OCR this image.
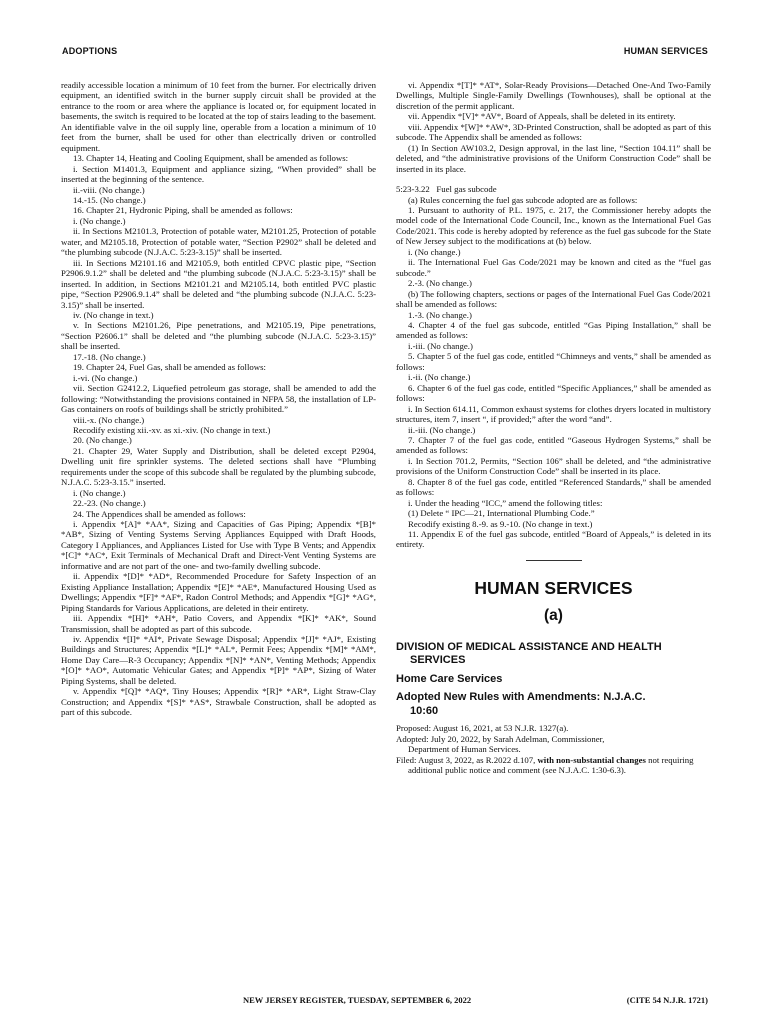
ADOPTIONS	HUMAN SERVICES
readily accessible location a minimum of 10 feet from the burner. For electrically driven equipment, an identified switch in the burner supply circuit shall be provided at the entrance to the room or area where the appliance is located or, for equipment located in basements, the switch is required to be located at the top of stairs leading to the basement. An identifiable valve in the oil supply line, operable from a location a minimum of 10 feet from the burner, shall be used for other than electrically driven or controlled equipment.
13. Chapter 14, Heating and Cooling Equipment, shall be amended as follows:
i. Section M1401.3, Equipment and appliance sizing, “When provided” shall be inserted at the beginning of the sentence.
ii.-viii. (No change.)
14.-15. (No change.)
16. Chapter 21, Hydronic Piping, shall be amended as follows:
i. (No change.)
ii. In Sections M2101.3, Protection of potable water, M2101.25, Protection of potable water, and M2105.18, Protection of potable water, “Section P2902” shall be deleted and “the plumbing subcode (N.J.A.C. 5:23-3.15)” shall be inserted.
iii. In Sections M2101.16 and M2105.9, both entitled CPVC plastic pipe, “Section P2906.9.1.2” shall be deleted and “the plumbing subcode (N.J.A.C. 5:23-3.15)” shall be inserted. In addition, in Sections M2101.21 and M2105.14, both entitled PVC plastic pipe, “Section P2906.9.1.4” shall be deleted and “the plumbing subcode (N.J.A.C. 5:23-3.15)” shall be inserted.
iv. (No change in text.)
v. In Sections M2101.26, Pipe penetrations, and M2105.19, Pipe penetrations, “Section P2606.1” shall be deleted and “the plumbing subcode (N.J.A.C. 5:23-3.15)” shall be inserted.
17.-18. (No change.)
19. Chapter 24, Fuel Gas, shall be amended as follows:
i.-vi. (No change.)
vii. Section G2412.2, Liquefied petroleum gas storage, shall be amended to add the following: “Notwithstanding the provisions contained in NFPA 58, the installation of LP-Gas containers on roofs of buildings shall be strictly prohibited.”
viii.-x. (No change.)
Recodify existing xii.-xv. as xi.-xiv. (No change in text.)
20. (No change.)
21. Chapter 29, Water Supply and Distribution, shall be deleted except P2904, Dwelling unit fire sprinkler systems. The deleted sections shall have “Plumbing requirements under the scope of this subcode shall be regulated by the plumbing subcode, N.J.A.C. 5:23-3.15.” inserted.
i. (No change.)
22.-23. (No change.)
24. The Appendices shall be amended as follows:
i. Appendix *[A]* *AA*, Sizing and Capacities of Gas Piping; Appendix *[B]* *AB*, Sizing of Venting Systems Serving Appliances Equipped with Draft Hoods, Category I Appliances, and Appliances Listed for Use with Type B Vents; and Appendix *[C]* *AC*, Exit Terminals of Mechanical Draft and Direct-Vent Venting Systems are informative and are not part of the one- and two-family dwelling subcode.
ii. Appendix *[D]* *AD*, Recommended Procedure for Safety Inspection of an Existing Appliance Installation; Appendix *[E]* *AE*, Manufactured Housing Used as Dwellings; Appendix *[F]* *AF*, Radon Control Methods; and Appendix *[G]* *AG*, Piping Standards for Various Applications, are deleted in their entirety.
iii. Appendix *[H]* *AH*, Patio Covers, and Appendix *[K]* *AK*, Sound Transmission, shall be adopted as part of this subcode.
iv. Appendix *[I]* *AI*, Private Sewage Disposal; Appendix *[J]* *AJ*, Existing Buildings and Structures; Appendix *[L]* *AL*, Permit Fees; Appendix *[M]* *AM*, Home Day Care—R-3 Occupancy; Appendix *[N]* *AN*, Venting Methods; Appendix *[O]* *AO*, Automatic Vehicular Gates; and Appendix *[P]* *AP*, Sizing of Water Piping Systems, shall be deleted.
v. Appendix *[Q]* *AQ*, Tiny Houses; Appendix *[R]* *AR*, Light Straw-Clay Construction; and Appendix *[S]* *AS*, Strawbale Construction, shall be adopted as part of this subcode.
vi. Appendix *[T]* *AT*, Solar-Ready Provisions—Detached One-And Two-Family Dwellings, Multiple Single-Family Dwellings (Townhouses), shall be optional at the discretion of the permit applicant.
vii. Appendix *[V]* *AV*, Board of Appeals, shall be deleted in its entirety.
viii. Appendix *[W]* *AW*, 3D-Printed Construction, shall be adopted as part of this subcode. The Appendix shall be amended as follows:
(1) In Section AW103.2, Design approval, in the last line, “Section 104.11” shall be deleted, and “the administrative provisions of the Uniform Construction Code” shall be inserted in its place.
5:23-3.22   Fuel gas subcode
(a) Rules concerning the fuel gas subcode adopted are as follows:
1. Pursuant to authority of P.L. 1975, c. 217, the Commissioner hereby adopts the model code of the International Code Council, Inc., known as the International Fuel Gas Code/2021. This code is hereby adopted by reference as the fuel gas subcode for the State of New Jersey subject to the modifications at (b) below.
i. (No change.)
ii. The International Fuel Gas Code/2021 may be known and cited as the “fuel gas subcode.”
2.-3. (No change.)
(b) The following chapters, sections or pages of the International Fuel Gas Code/2021 shall be amended as follows:
1.-3. (No change.)
4. Chapter 4 of the fuel gas subcode, entitled “Gas Piping Installation,” shall be amended as follows:
i.-iii. (No change.)
5. Chapter 5 of the fuel gas code, entitled “Chimneys and vents,” shall be amended as follows:
i.-ii. (No change.)
6. Chapter 6 of the fuel gas code, entitled “Specific Appliances,” shall be amended as follows:
i. In Section 614.11, Common exhaust systems for clothes dryers located in multistory structures, item 7, insert “, if provided;” after the word “and”.
ii.-iii. (No change.)
7. Chapter 7 of the fuel gas code, entitled “Gaseous Hydrogen Systems,” shall be amended as follows:
i. In Section 701.2, Permits, “Section 106” shall be deleted, and “the administrative provisions of the Uniform Construction Code” shall be inserted in its place.
8. Chapter 8 of the fuel gas code, entitled “Referenced Standards,” shall be amended as follows:
i. Under the heading “ICC,” amend the following titles:
(1) Delete “ IPC—21, International Plumbing Code.”
Recodify existing 8.-9. as 9.-10. (No change in text.)
11. Appendix E of the fuel gas subcode, entitled “Board of Appeals,” is deleted in its entirety.
HUMAN SERVICES
(a)
DIVISION OF MEDICAL ASSISTANCE AND HEALTH
SERVICES
Home Care Services
Adopted New Rules with Amendments: N.J.A.C.
10:60
Proposed: August 16, 2021, at 53 N.J.R. 1327(a).
Adopted: July 20, 2022, by Sarah Adelman, Commissioner,
Department of Human Services.
Filed: August 3, 2022, as R.2022 d.107, with non-substantial changes not requiring additional public notice and comment (see N.J.A.C. 1:30-6.3).
NEW JERSEY REGISTER, TUESDAY, SEPTEMBER 6, 2022	(CITE 54 N.J.R. 1721)
